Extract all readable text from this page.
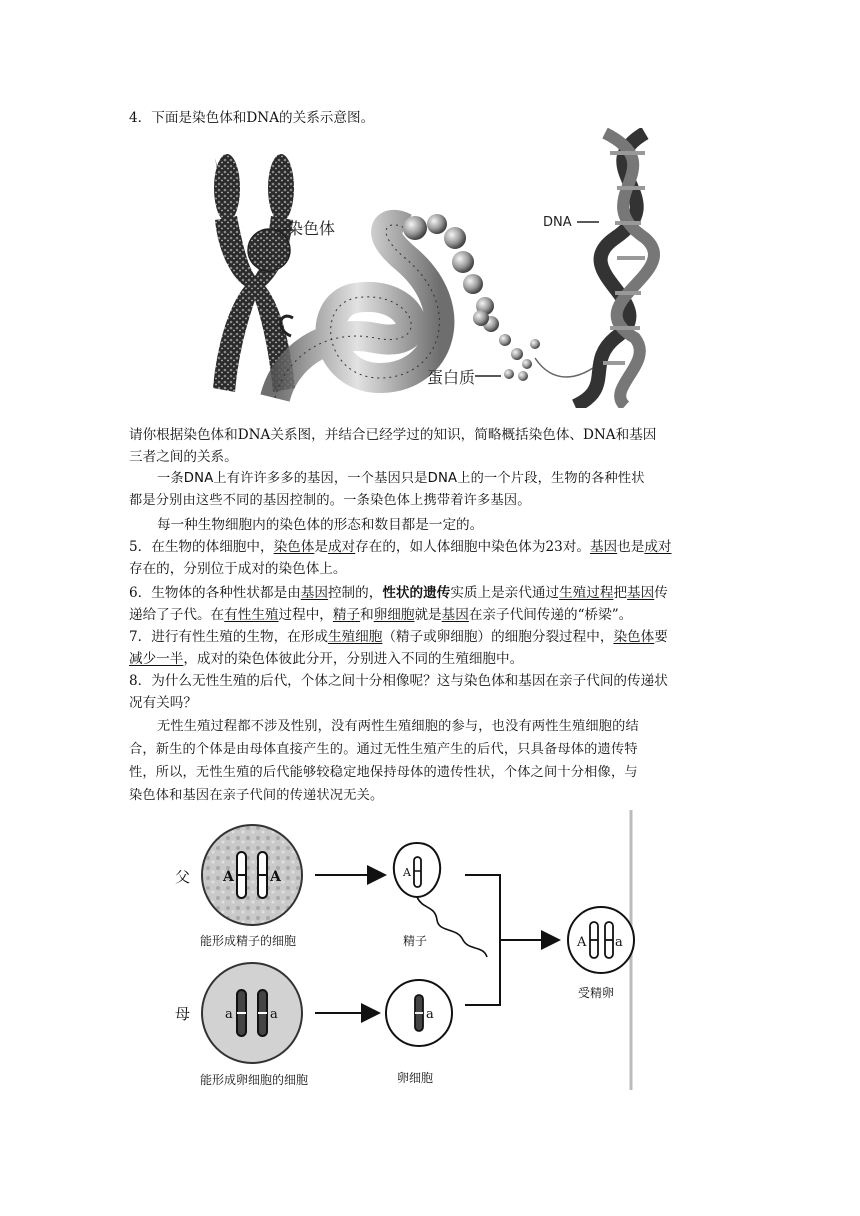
4．下面是染色体和DNA的关系示意图。
染色体	DNA
蛋白质
请你根据染色体和DNA关系图，并结合已经学过的知识，简略概括染色体、DNA和基因
三者之间的关系。
一条DNA上有许许多多的基因，一个基因只是DNA上的一个片段，生物的各种性状
都是分别由这些不同的基因控制的。一条染色体上携带着许多基因。
每一种生物细胞内的染色体的形态和数目都是一定的。
5．在生物的体细胞中，染色体是成对存在的，如人体细胞中染色体为23对。基因也是成对
存在的，分别位于成对的染色体上。
6．生物体的各种性状都是由基因控制的，性状的遗传实质上是亲代通过生殖过程把基因传
递给了子代。在有性生殖过程中，精子和卵细胞就是基因在亲子代间传递的“桥梁”。
7．进行有性生殖的生物，在形成生殖细胞（精子或卵细胞）的细胞分裂过程中，染色体要
减少一半，成对的染色体彼此分开，分别进入不同的生殖细胞中。
8．为什么无性生殖的后代，个体之间十分相像呢？这与染色体和基因在亲子代间的传递状
况有关吗？
无性生殖过程都不涉及性别，没有两性生殖细胞的参与，也没有两性生殖细胞的结
合，新生的个体是由母体直接产生的。通过无性生殖产生的后代，只具备母体的遗传特
性，所以，无性生殖的后代能够较稳定地保持母体的遗传性状，个体之间十分相像，与
染色体和基因在亲子代间的传递状况无关。
父 A	A
能形成精子的细胞
A
精子	A a
受精卵
母	a	a
能形成卵细胞的细胞
a
卵细胞
